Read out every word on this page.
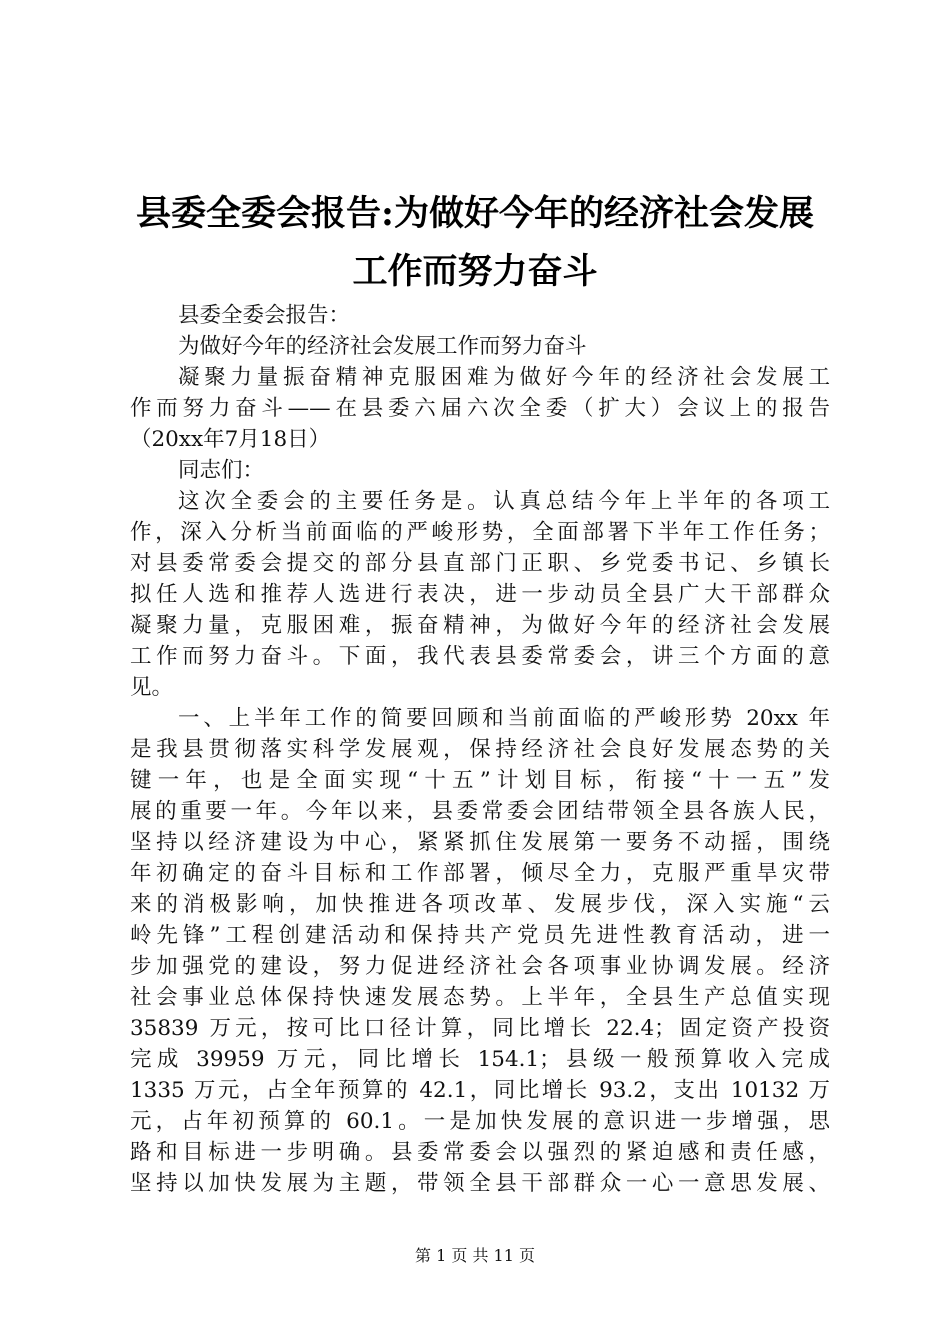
县委全委会报告:为做好今年的经济社会发展
工作而努力奋斗

县委全委会报告：

为做好今年的经济社会发展工作而努力奋斗

凝聚力量振奋精神克服困难为做好今年的经济社会发展工

作而努力奋斗——在县委六届六次全委（扩大）会议上的报告

（20xx年7月18日）

同志们：

这次全委会的主要任务是。认真总结今年上半年的各项工

作，深入分析当前面临的严峻形势，全面部署下半年工作任务；

对县委常委会提交的部分县直部门正职、乡党委书记、乡镇长

拟任人选和推荐人选进行表决，进一步动员全县广大干部群众

凝聚力量，克服困难，振奋精神，为做好今年的经济社会发展

工作而努力奋斗。下面，我代表县委常委会，讲三个方面的意

见。

一、上半年工作的简要回顾和当前面临的严峻形势 20xx 年

是我县贯彻落实科学发展观，保持经济社会良好发展态势的关

键一年，也是全面实现“十五”计划目标，衔接“十一五”发

展的重要一年。今年以来，县委常委会团结带领全县各族人民，

坚持以经济建设为中心，紧紧抓住发展第一要务不动摇，围绕

年初确定的奋斗目标和工作部署，倾尽全力，克服严重旱灾带

来的消极影响，加快推进各项改革、发展步伐，深入实施“云

岭先锋”工程创建活动和保持共产党员先进性教育活动，进一

步加强党的建设，努力促进经济社会各项事业协调发展。经济

社会事业总体保持快速发展态势。上半年，全县生产总值实现

35839 万元，按可比口径计算，同比增长 22.4；固定资产投资

完成 39959 万元，同比增长 154.1；县级一般预算收入完成

1335 万元，占全年预算的 42.1，同比增长 93.2，支出 10132 万

元，占年初预算的 60.1。一是加快发展的意识进一步增强，思

路和目标进一步明确。县委常委会以强烈的紧迫感和责任感，

坚持以加快发展为主题，带领全县干部群众一心一意思发展、

第 1 页 共 11 页
